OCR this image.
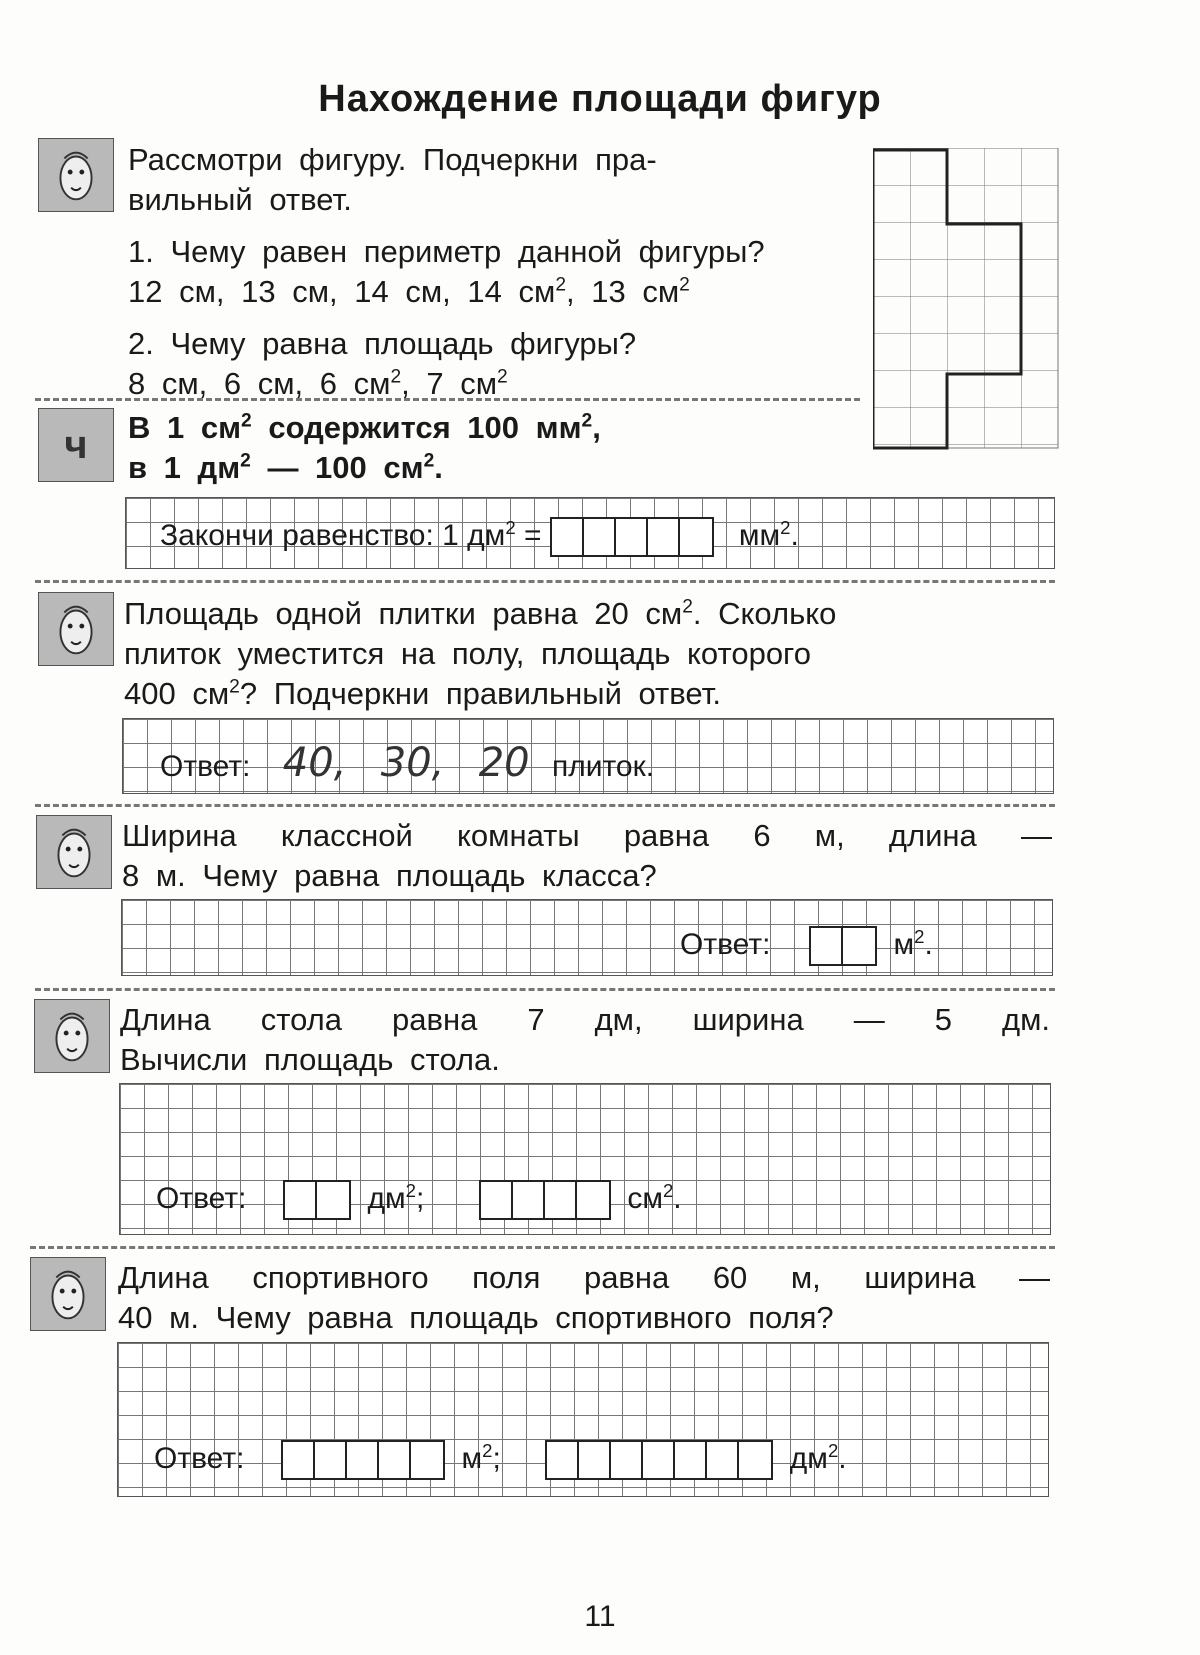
Нахождение площади фигур
Рассмотри фигуру. Подчеркни пра-
вильный ответ.
1. Чему равен периметр данной фигуры?
12 см, 13 см, 14 см, 14 $см^2$, 13 $см^2$
2. Чему равна площадь фигуры?
8 см, 6 см, 6 $см^2$, 7 $см^2$
ч В 1 $см^2$ содержится 100 $мм^2$,
в 1 $дм^2$ — 100 $см^2$.
Закончи равенство: 1 $дм^2$ =	$мм^2$.
Площадь одной плитки равна 20 $см^2$. Сколько
плиток уместится на полу, площадь которого
400 $см^2$? Подчеркни правильный ответ.
Ответ: 40, 30, 20 плиток.
Ширина классной комнаты равна 6 м, длина —
8 м. Чему равна площадь класса?
Ответ:	$м^2$.
Длина стола равна 7 дм, ширина — 5 дм.
Вычисли площадь стола.
Ответ:	$дм^2$;	$см^2$.
Длина спортивного поля равна 60 м, ширина —
40 м. Чему равна площадь спортивного поля?
Ответ:	$м^2$;	$дм^2$.
11
